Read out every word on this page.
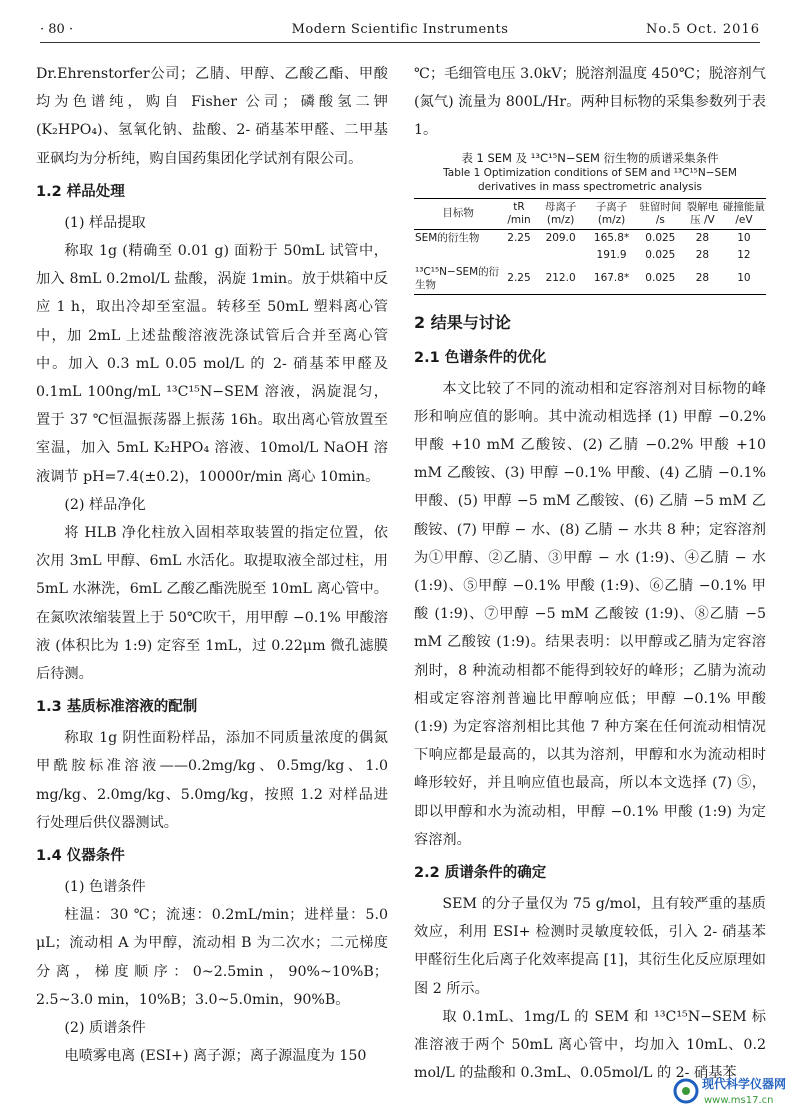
· 80 ·	Modern Scientific Instruments	No.5 Oct. 2016

Dr.Ehrenstorfer公司；乙腈、甲醇、乙酸乙酯、甲酸均为色谱纯，购自 Fisher 公司；磷酸氢二钾 (K₂HPO₄)、氢氧化钠、盐酸、2- 硝基苯甲醛、二甲基亚砜均为分析纯，购自国药集团化学试剂有限公司。

1.2 样品处理

(1) 样品提取

称取 1g (精确至 0.01 g) 面粉于 50mL 试管中，加入 8mL 0.2mol/L 盐酸，涡旋 1min。放于烘箱中反应 1 h，取出冷却至室温。转移至 50mL 塑料离心管中，加 2mL 上述盐酸溶液洗涤试管后合并至离心管中。加入 0.3 mL 0.05 mol/L 的 2- 硝基苯甲醛及 0.1mL 100ng/mL ¹³C¹⁵N−SEM 溶液，涡旋混匀，置于 37 ℃恒温振荡器上振荡 16h。取出离心管放置至室温，加入 5mL K₂HPO₄ 溶液、10mol/L NaOH 溶液调节 pH=7.4(±0.2)，10000r/min 离心 10min。

(2) 样品净化

将 HLB 净化柱放入固相萃取装置的指定位置，依次用 3mL 甲醇、6mL 水活化。取提取液全部过柱，用 5mL 水淋洗，6mL 乙酸乙酯洗脱至 10mL 离心管中。在氮吹浓缩装置上于 50℃吹干，用甲醇 −0.1% 甲酸溶液 (体积比为 1:9) 定容至 1mL，过 0.22μm 微孔滤膜后待测。

1.3 基质标准溶液的配制

称取 1g 阴性面粉样品，添加不同质量浓度的偶氮甲酰胺标准溶液——0.2mg/kg、0.5mg/kg、1.0 mg/kg、2.0mg/kg、5.0mg/kg，按照 1.2 对样品进行处理后供仪器测试。

1.4 仪器条件

(1) 色谱条件

柱温：30 ℃；流速：0.2mL/min；进样量：5.0 μL；流动相 A 为甲醇，流动相 B 为二次水；二元梯度分离，梯度顺序：0~2.5min，90%~10%B；2.5~3.0 min，10%B；3.0~5.0min，90%B。

(2) 质谱条件

电喷雾电离 (ESI+) 离子源；离子源温度为 150

℃；毛细管电压 3.0kV；脱溶剂温度 450℃；脱溶剂气 (氮气) 流量为 800L/Hr。两种目标物的采集参数列于表 1。

表 1 SEM 及 ¹³C¹⁵N−SEM 衍生物的质谱采集条件
Table 1 Optimization conditions of SEM and ¹³C¹⁵N−SEM
derivatives in mass spectrometric analysis
目标物	tR /min	母离子 (m/z)	子离子 (m/z)	驻留时间 /s	裂解电压 /V	碰撞能量 /eV
SEM的衍生物	2.25	209.0	165.8*	0.025	28	10
			191.9	0.025	28	12
¹³C¹⁵N−SEM的衍生物	2.25	212.0	167.8*	0.025	28	10
2 结果与讨论
2.1 色谱条件的优化

本文比较了不同的流动相和定容溶剂对目标物的峰形和响应值的影响。其中流动相选择 (1) 甲醇 −0.2% 甲酸 +10 mM 乙酸铵、(2) 乙腈 −0.2% 甲酸 +10 mM 乙酸铵、(3) 甲醇 −0.1% 甲酸、(4) 乙腈 −0.1% 甲酸、(5) 甲醇 −5 mM 乙酸铵、(6) 乙腈 −5 mM 乙酸铵、(7) 甲醇 − 水、(8) 乙腈 − 水共 8 种；定容溶剂为①甲醇、②乙腈、③甲醇 − 水 (1:9)、④乙腈 − 水 (1:9)、⑤甲醇 −0.1% 甲酸 (1:9)、⑥乙腈 −0.1% 甲酸 (1:9)、⑦甲醇 −5 mM 乙酸铵 (1:9)、⑧乙腈 −5 mM 乙酸铵 (1:9)。结果表明：以甲醇或乙腈为定容溶剂时，8 种流动相都不能得到较好的峰形；乙腈为流动相或定容溶剂普遍比甲醇响应低；甲醇 −0.1% 甲酸 (1:9) 为定容溶剂相比其他 7 种方案在任何流动相情况下响应都是最高的，以其为溶剂，甲醇和水为流动相时峰形较好，并且响应值也最高，所以本文选择 (7) ⑤，即以甲醇和水为流动相，甲醇 −0.1% 甲酸 (1:9) 为定容溶剂。

2.2 质谱条件的确定

SEM 的分子量仅为 75 g/mol，且有较严重的基质效应，利用 ESI+ 检测时灵敏度较低，引入 2- 硝基苯甲醛衍生化后离子化效率提高 [1]，其衍生化反应原理如图 2 所示。

取 0.1mL、1mg/L 的 SEM 和 ¹³C¹⁵N−SEM 标准溶液于两个 50mL 离心管中，均加入 10mL、0.2 mol/L 的盐酸和 0.3mL、0.05mol/L 的 2- 硝基苯

现代科学仪器网
www.ms17.cn
